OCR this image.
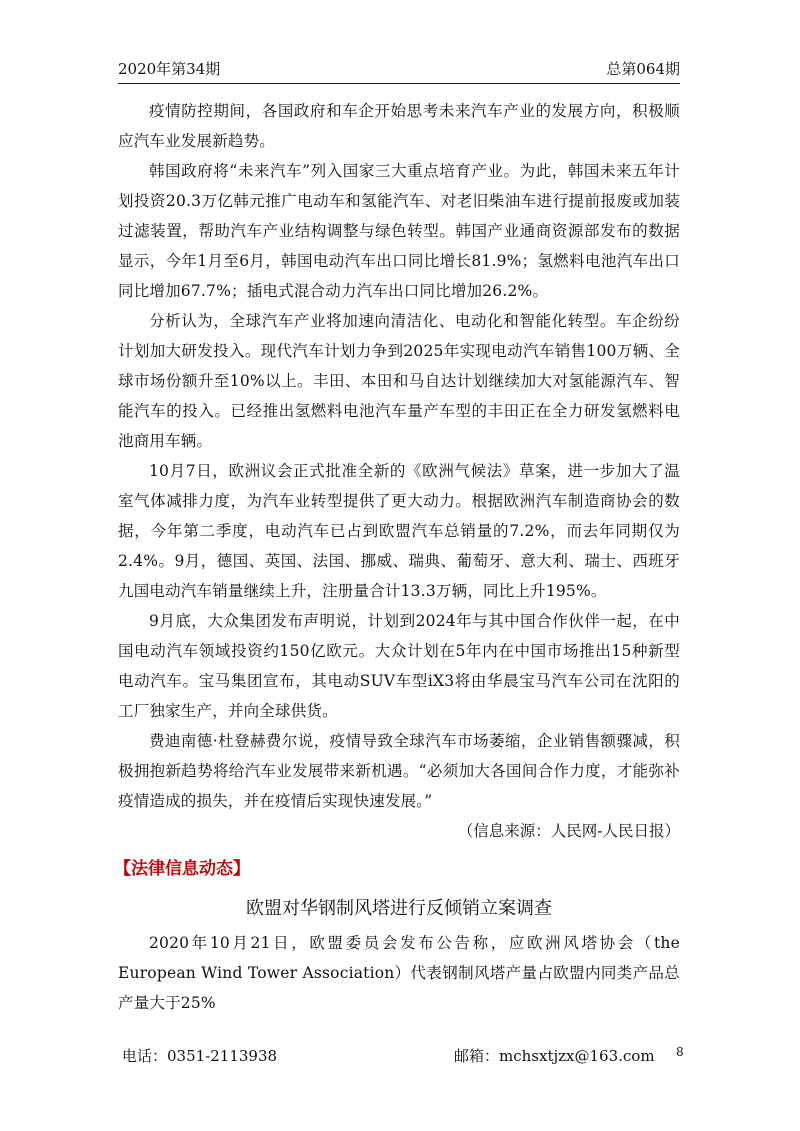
2020年第34期	总第064期

疫情防控期间，各国政府和车企开始思考未来汽车产业的发展方向，积极顺应汽车业发展新趋势。

韩国政府将“未来汽车”列入国家三大重点培育产业。为此，韩国未来五年计划投资20.3万亿韩元推广电动车和氢能汽车、对老旧柴油车进行提前报废或加装过滤装置，帮助汽车产业结构调整与绿色转型。韩国产业通商资源部发布的数据显示，今年1月至6月，韩国电动汽车出口同比增长81.9%；氢燃料电池汽车出口同比增加67.7%；插电式混合动力汽车出口同比增加26.2%。

分析认为，全球汽车产业将加速向清洁化、电动化和智能化转型。车企纷纷计划加大研发投入。现代汽车计划力争到2025年实现电动汽车销售100万辆、全球市场份额升至10%以上。丰田、本田和马自达计划继续加大对氢能源汽车、智能汽车的投入。已经推出氢燃料电池汽车量产车型的丰田正在全力研发氢燃料电池商用车辆。

10月7日，欧洲议会正式批准全新的《欧洲气候法》草案，进一步加大了温室气体减排力度，为汽车业转型提供了更大动力。根据欧洲汽车制造商协会的数据，今年第二季度，电动汽车已占到欧盟汽车总销量的7.2%，而去年同期仅为2.4%。9月，德国、英国、法国、挪威、瑞典、葡萄牙、意大利、瑞士、西班牙九国电动汽车销量继续上升，注册量合计13.3万辆，同比上升195%。

9月底，大众集团发布声明说，计划到2024年与其中国合作伙伴一起，在中国电动汽车领域投资约150亿欧元。大众计划在5年内在中国市场推出15种新型电动汽车。宝马集团宣布，其电动SUV车型iX3将由华晨宝马汽车公司在沈阳的工厂独家生产，并向全球供货。

费迪南德·杜登赫费尔说，疫情导致全球汽车市场萎缩，企业销售额骤减，积极拥抱新趋势将给汽车业发展带来新机遇。“必须加大各国间合作力度，才能弥补疫情造成的损失，并在疫情后实现快速发展。”

（信息来源：人民网-人民日报）

【法律信息动态】
欧盟对华钢制风塔进行反倾销立案调查

2020年10月21日，欧盟委员会发布公告称，应欧洲风塔协会（the European Wind Tower Association）代表钢制风塔产量占欧盟内同类产品总产量大于25%

电话：0351-2113938	邮箱：mchsxtjzx@163.com 8
